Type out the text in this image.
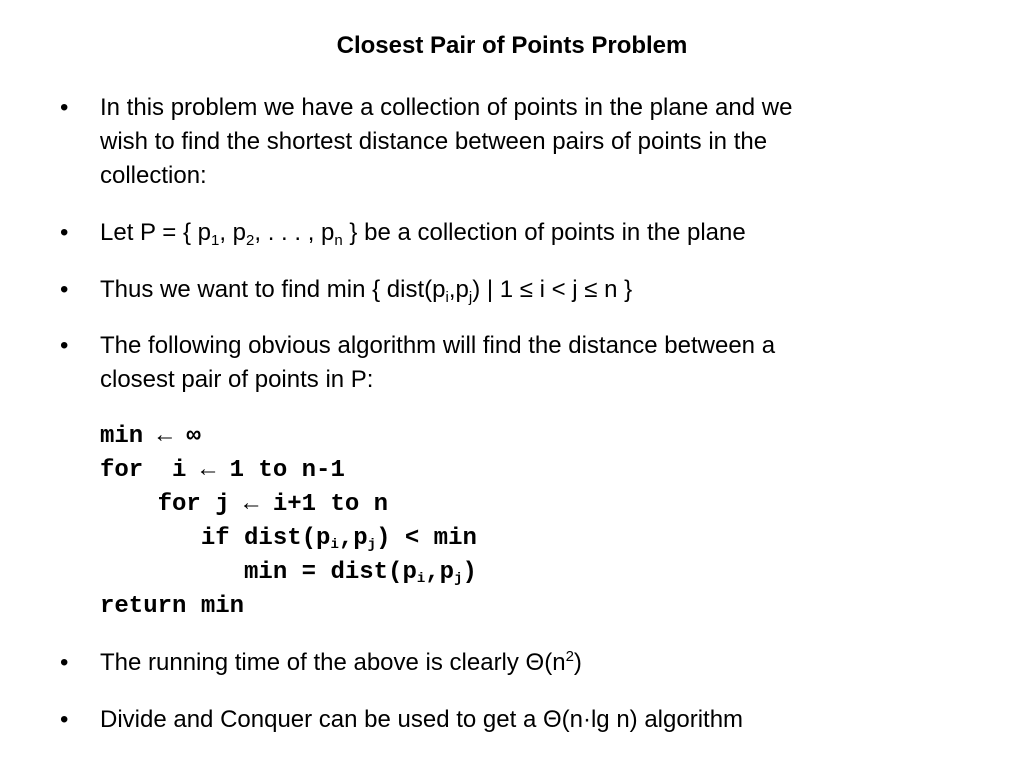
Closest Pair of Points Problem
•	In this problem we have a collection of points in the plane and we
wish to find the shortest distance between pairs of points in the
collection:
•	Let P = { $p_1$, $p_2$, . . . , $p_n$ } be a collection of points in the plane
•	Thus we want to find min { $dist(p_i,p_j)$ | 1 ≤ i < j ≤ n }
•	The following obvious algorithm will find the distance between a
closest pair of points in P:
min ← ∞
for  i ← 1 to n-1
for j ← i+1 to n
if $dist(p_i,p_j) < \min$
$\min = dist(p_i,p_j)$
return min
•	The running time of the above is clearly $\Theta(n^2)$
•	Divide and Conquer can be used to get a Θ(n·lg n) algorithm
